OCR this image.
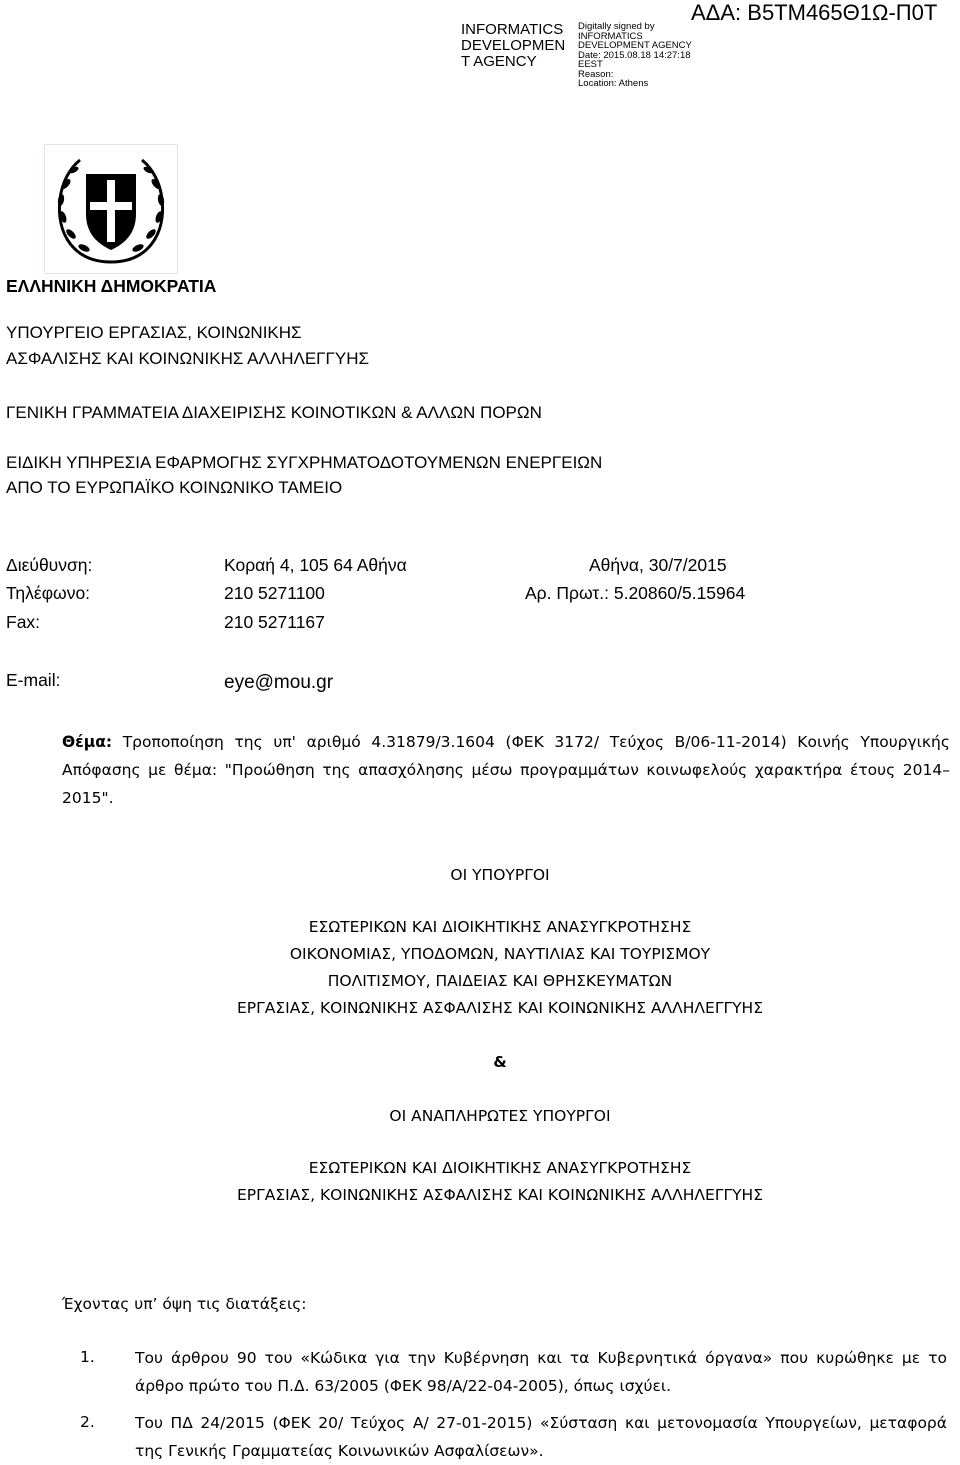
INFORMATICS
DEVELOPMEN
T AGENCY
Digitally signed by
INFORMATICS
DEVELOPMENT AGENCY
Date: 2015.08.18 14:27:18
EEST
Reason:
Location: Athens
ΑΔΑ: Β5ΤΜ465Θ1Ω-Π0Τ
ΕΛΛΗΝΙΚΗ ΔΗΜΟΚΡΑΤΙΑ
ΥΠΟΥΡΓΕΙΟ ΕΡΓΑΣΙΑΣ, ΚΟΙΝΩΝΙΚΗΣ
ΑΣΦΑΛΙΣΗΣ ΚΑΙ ΚΟΙΝΩΝΙΚΗΣ ΑΛΛΗΛΕΓΓΥΗΣ
ΓΕΝΙΚΗ ΓΡΑΜΜΑΤΕΙΑ ΔΙΑΧΕΙΡΙΣΗΣ ΚΟΙΝΟΤΙΚΩΝ & ΑΛΛΩΝ ΠΟΡΩΝ
ΕΙΔΙΚΗ ΥΠΗΡΕΣΙΑ ΕΦΑΡΜΟΓΗΣ ΣΥΓΧΡΗΜΑΤΟΔΟΤΟΥΜΕΝΩΝ ΕΝΕΡΓΕΙΩΝ
ΑΠΟ ΤΟ ΕΥΡΩΠΑΪΚΟ ΚΟΙΝΩΝΙΚΟ ΤΑΜΕΙΟ
Διεύθυνση:	Κοραή 4, 105 64 Αθήνα	Αθήνα, 30/7/2015
Τηλέφωνο:	210 5271100	Αρ. Πρωτ.: 5.20860/5.15964
Fax:	210 5271167
E-mail:	eye@mou.gr
Θέμα: Τροποποίηση της υπ' αριθμό 4.31879/3.1604 (ΦΕΚ 3172/ Τεύχος Β/06-11-2014) Κοινής Υπουργικής Απόφασης με θέμα: "Προώθηση της απασχόλησης μέσω προγραμμάτων κοινωφελούς χαρακτήρα έτους 2014–2015".
ΟΙ ΥΠΟΥΡΓΟΙ
ΕΣΩΤΕΡΙΚΩΝ ΚΑΙ ΔΙΟΙΚΗΤΙΚΗΣ ΑΝΑΣΥΓΚΡΟΤΗΣΗΣ
ΟΙΚΟΝΟΜΙΑΣ, ΥΠΟΔΟΜΩΝ, ΝΑΥΤΙΛΙΑΣ ΚΑΙ ΤΟΥΡΙΣΜΟΥ
ΠΟΛΙΤΙΣΜΟΥ, ΠΑΙΔΕΙΑΣ ΚΑΙ ΘΡΗΣΚΕΥΜΑΤΩΝ
ΕΡΓΑΣΙΑΣ, ΚΟΙΝΩΝΙΚΗΣ ΑΣΦΑΛΙΣΗΣ ΚΑΙ ΚΟΙΝΩΝΙΚΗΣ ΑΛΛΗΛΕΓΓΥΗΣ
&
ΟΙ ΑΝΑΠΛΗΡΩΤΕΣ ΥΠΟΥΡΓΟΙ
ΕΣΩΤΕΡΙΚΩΝ ΚΑΙ ΔΙΟΙΚΗΤΙΚΗΣ ΑΝΑΣΥΓΚΡΟΤΗΣΗΣ
ΕΡΓΑΣΙΑΣ, ΚΟΙΝΩΝΙΚΗΣ ΑΣΦΑΛΙΣΗΣ ΚΑΙ ΚΟΙΝΩΝΙΚΗΣ ΑΛΛΗΛΕΓΓΥΗΣ
Έχοντας υπ’ όψη τις διατάξεις:
1.	Του άρθρου 90 του «Κώδικα για την Κυβέρνηση και τα Κυβερνητικά όργανα» που κυρώθηκε με το άρθρο πρώτο του Π.Δ. 63/2005 (ΦΕΚ 98/Α/22-04-2005), όπως ισχύει.
2.	Του ΠΔ 24/2015 (ΦΕΚ 20/ Τεύχος Α/ 27-01-2015) «Σύσταση και μετονομασία Υπουργείων, μεταφορά της Γενικής Γραμματείας Κοινωνικών Ασφαλίσεων».
